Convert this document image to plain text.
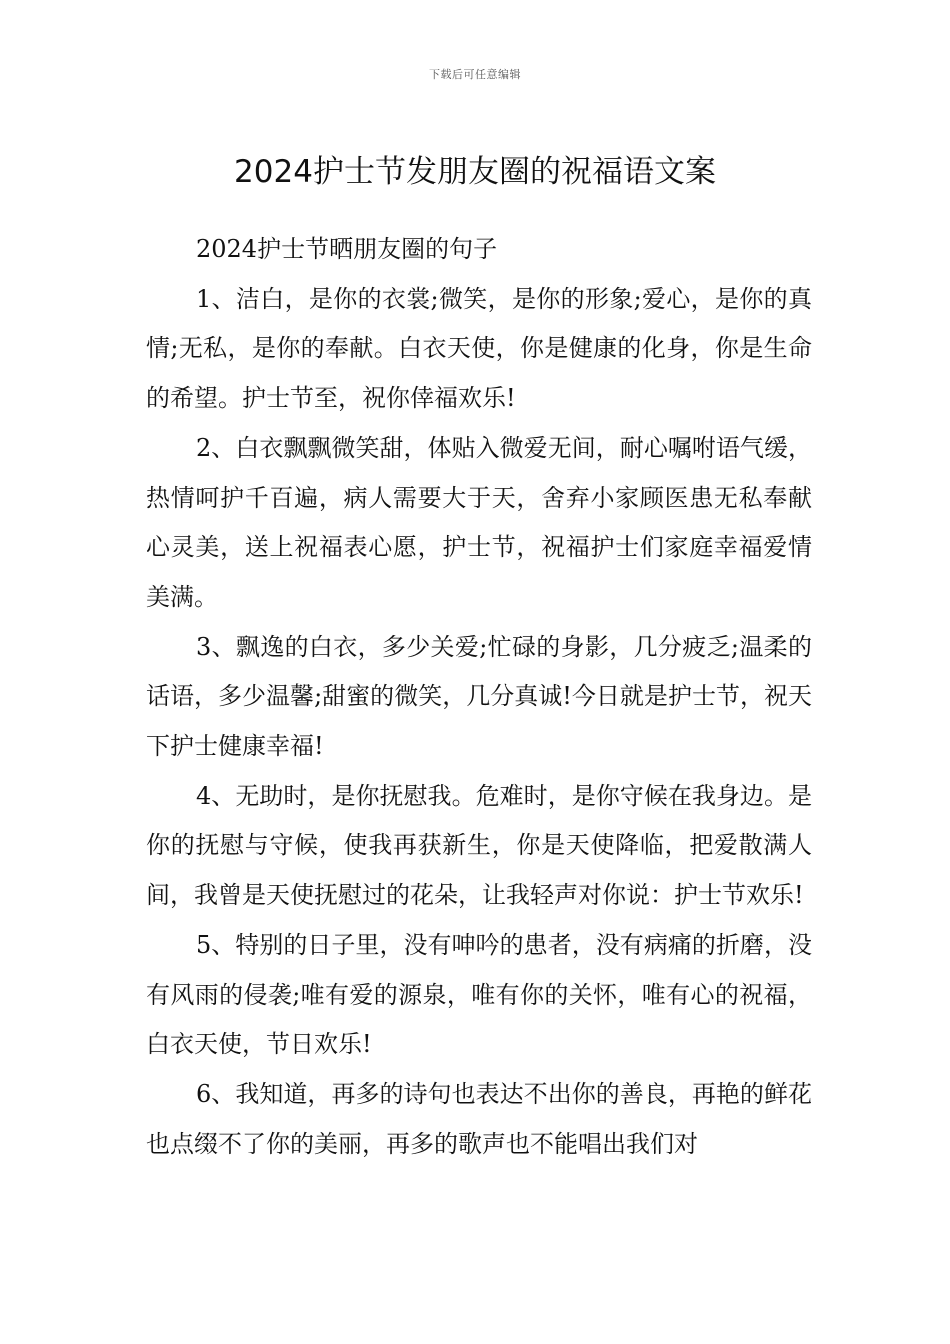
下载后可任意编辑
2024护士节发朋友圈的祝福语文案

2024护士节晒朋友圈的句子

1、洁白，是你的衣裳;微笑，是你的形象;爱心，是你的真情;无私，是你的奉献。白衣天使，你是健康的化身，你是生命的希望。护士节至，祝你倖福欢乐!

2、白衣飘飘微笑甜，体贴入微爱无间，耐心嘱咐语气缓，热情呵护千百遍，病人需要大于天，舍弃小家顾医患无私奉献心灵美，送上祝福表心愿，护士节，祝福护士们家庭幸福爱情美满。

3、飘逸的白衣，多少关爱;忙碌的身影，几分疲乏;温柔的话语，多少温馨;甜蜜的微笑，几分真诚!今日就是护士节，祝天下护士健康幸福!

4、无助时，是你抚慰我。危难时，是你守候在我身边。是你的抚慰与守候，使我再获新生，你是天使降临，把爱散满人间，我曾是天使抚慰过的花朵，让我轻声对你说：护士节欢乐!

5、特别的日子里，没有呻吟的患者，没有病痛的折磨，没有风雨的侵袭;唯有爱的源泉，唯有你的关怀，唯有心的祝福，白衣天使，节日欢乐!

6、我知道，再多的诗句也表达不出你的善良，再艳的鲜花也点缀不了你的美丽，再多的歌声也不能唱出我们对
